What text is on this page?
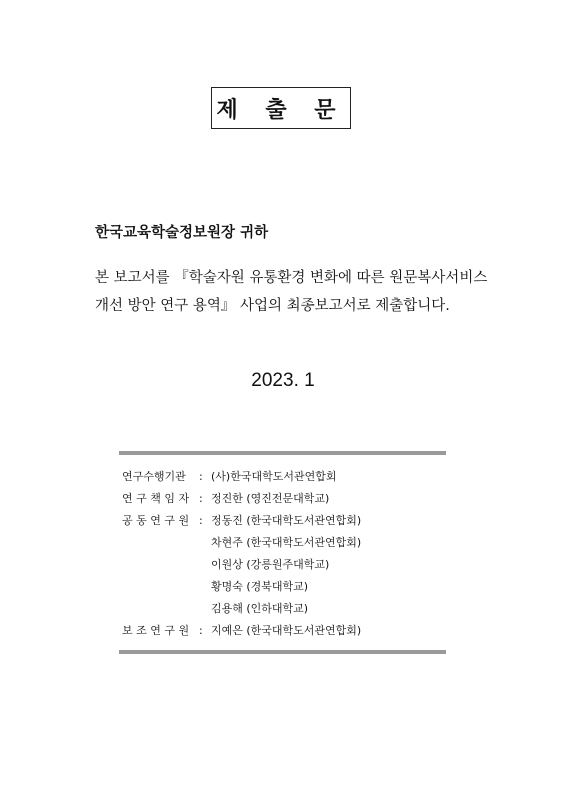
제 출 문
한국교육학술정보원장 귀하
본 보고서를 『학술자원 유통환경 변화에 따른 원문복사서비스
개선 방안 연구 용역』 사업의 최종보고서로 제출합니다.
2023. 1
연구수행기관	: (사)한국대학도서관연합회
연 구 책 임 자 : 정진한 (영진전문대학교)
공 동 연 구 원 : 정동진 (한국대학도서관연합회)
차현주 (한국대학도서관연합회)
이원상 (강릉원주대학교)
황명숙 (경북대학교)
김용해 (인하대학교)
보 조 연 구 원 : 지예은 (한국대학도서관연합회)
